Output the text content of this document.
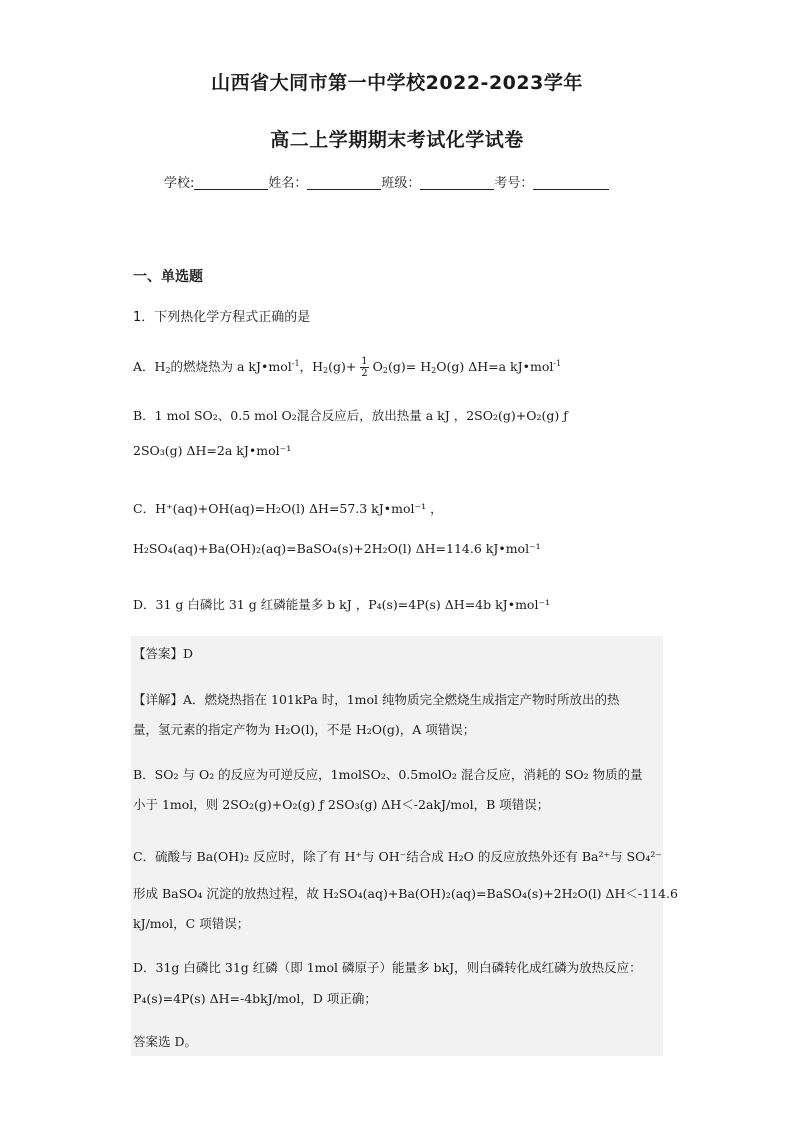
山西省大同市第一中学校2022-2023学年
高二上学期期末考试化学试卷
学校:	姓名：	班级：	考号：
一、单选题
1．下列热化学方程式正确的是
A．$H_2$的燃烧热为 a kJ•mol$^{-1}$，$H_2(g)+ \frac{1}{2} O_2(g)= H_2O(g)$ ΔH=a kJ•mol$^{-1}$
B．1 mol SO₂、0.5 mol O₂混合反应后，放出热量 a kJ ，2SO₂(g)+O₂(g) ƒ
2SO₃(g) ΔH=2a kJ•mol⁻¹
C．H⁺(aq)+OH(aq)=H₂O(l) ΔH=57.3 kJ•mol⁻¹ ，
H₂SO₄(aq)+Ba(OH)₂(aq)=BaSO₄(s)+2H₂O(l) ΔH=114.6 kJ•mol⁻¹
D．31 g 白磷比 31 g 红磷能量多 b kJ ，P₄(s)=4P(s) ΔH=4b kJ•mol⁻¹
【答案】D
【详解】A．燃烧热指在 101kPa 时，1mol 纯物质完全燃烧生成指定产物时所放出的热
量，氢元素的指定产物为 H₂O(l)，不是 H₂O(g)，A 项错误；
B．SO₂ 与 O₂ 的反应为可逆反应，1molSO₂、0.5molO₂ 混合反应，消耗的 SO₂ 物质的量
小于 1mol，则 2SO₂(g)+O₂(g) ƒ 2SO₃(g) ΔH＜-2akJ/mol，B 项错误；
C．硫酸与 Ba(OH)₂ 反应时，除了有 H⁺与 OH⁻结合成 H₂O 的反应放热外还有 Ba²⁺与 SO₄²⁻
形成 BaSO₄ 沉淀的放热过程，故 H₂SO₄(aq)+Ba(OH)₂(aq)=BaSO₄(s)+2H₂O(l) ΔH＜-114.6
kJ/mol，C 项错误；
D．31g 白磷比 31g 红磷（即 1mol 磷原子）能量多 bkJ，则白磷转化成红磷为放热反应：
P₄(s)=4P(s) ΔH=-4bkJ/mol，D 项正确；
答案选 D。
